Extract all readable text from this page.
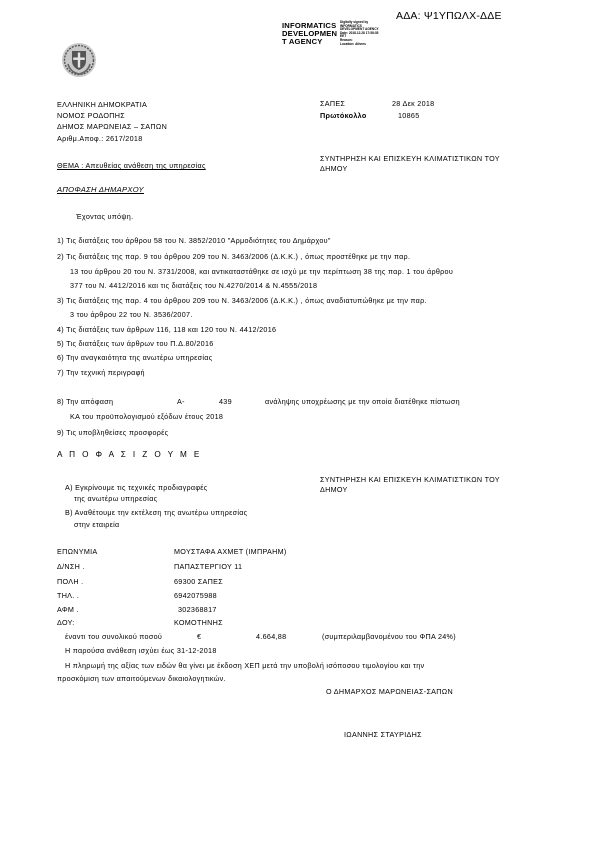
ΑΔΑ: Ψ1ΥΠΩΛΧ-ΔΔΕ
INFORMATICS
DEVELOPMEN
T AGENCY
Digitally signed by
INFORMATICS
DEVELOPMENT AGENCY
Date: 2018.12.28 17:58:35
EET
Reason:
Location: Athens
ΕΛΛΗΝΙΚΗ ΔΗΜΟΚΡΑΤΙΑ
ΝΟΜΟΣ ΡΟΔΟΠΗΣ
ΔΗΜΟΣ ΜΑΡΩΝΕΙΑΣ – ΣΑΠΩΝ
Αριθμ.Αποφ.: 2617/2018
ΣΑΠΕΣ	28 Δεκ 2018
Πρωτόκολλο	10865
ΘΕΜΑ : Απευθείας ανάθεση της υπηρεσίας
ΣΥΝΤΗΡΗΣΗ ΚΑΙ ΕΠΙΣΚΕΥΗ ΚΛΙΜΑΤΙΣΤΙΚΩΝ ΤΟΥ
ΔΗΜΟΥ
ΑΠΟΦΑΣΗ ΔΗΜΑΡΧΟΥ
Έχοντας υπόψη.
1) Τις διατάξεις του άρθρου 58 του Ν. 3852/2010 "Αρμοδιότητες του Δημάρχου"
2) Τις διατάξεις της παρ. 9 του άρθρου 209 του Ν. 3463/2006 (Δ.Κ.Κ.) , όπως προστέθηκε με την παρ.
13 του άρθρου 20 του Ν. 3731/2008, και αντικαταστάθηκε σε ισχύ με την περίπτωση 38 της παρ. 1 του άρθρου
377 του Ν. 4412/2016 και τις διατάξεις του Ν.4270/2014 & Ν.4555/2018
3) Τις διατάξεις της παρ. 4 του άρθρου 209 του Ν. 3463/2006 (Δ.Κ.Κ.) , όπως αναδιατυπώθηκε με την παρ.
3 του άρθρου 22 του Ν. 3536/2007.
4) Τις διατάξεις των άρθρων 116, 118 και 120 του Ν. 4412/2016
5) Τις διατάξεις των άρθρων του Π.Δ.80/2016
6) Την αναγκαιότητα της ανωτέρω υπηρεσίας
7) Την τεχνική περιγραφή
8) Την απόφαση	Α-	439	ανάληψης υποχρέωσης με την οποία διατέθηκε πίστωση
ΚΑ του προϋπολογισμού εξόδων έτους 2018
9) Τις υποβληθείσες προσφορές
Α Π Ο Φ Α Σ Ι Ζ Ο Υ Μ Ε
ΣΥΝΤΗΡΗΣΗ ΚΑΙ ΕΠΙΣΚΕΥΗ ΚΛΙΜΑΤΙΣΤΙΚΩΝ ΤΟΥ
ΔΗΜΟΥ
Α) Εγκρίνουμε τις τεχνικές προδιαγραφές
της ανωτέρω υπηρεσίας
Β) Αναθέτουμε την εκτέλεση της ανωτέρω υπηρεσίας
στην εταιρεία
ΕΠΩΝΥΜΙΑ	ΜΟΥΣΤΑΦΑ ΑΧΜΕΤ (ΙΜΠΡΑΗΜ)
Δ/ΝΣΗ .	ΠΑΠΑΣΤΕΡΓΙΟΥ 11
ΠΟΛΗ .	69300 ΣΑΠΕΣ
ΤΗΛ. .	6942075988
ΑΦΜ .	302368817
ΔΟΥ:	ΚΟΜΟΤΗΝΗΣ
έναντι του συνολικού ποσού	€	4.664,88	(συμπεριλαμβανομένου του ΦΠΑ 24%)
Η παρούσα ανάθεση ισχύει έως 31-12-2018
Η πληρωμή της αξίας των ειδών θα γίνει με έκδοση ΧΕΠ μετά την υποβολή ισόποσου τιμολογίου και την
προσκόμιση των απαιτούμενων δικαιολογητικών.
Ο ΔΗΜΑΡΧΟΣ ΜΑΡΩΝΕΙΑΣ-ΣΑΠΩΝ
ΙΩΑΝΝΗΣ ΣΤΑΥΡΙΔΗΣ
